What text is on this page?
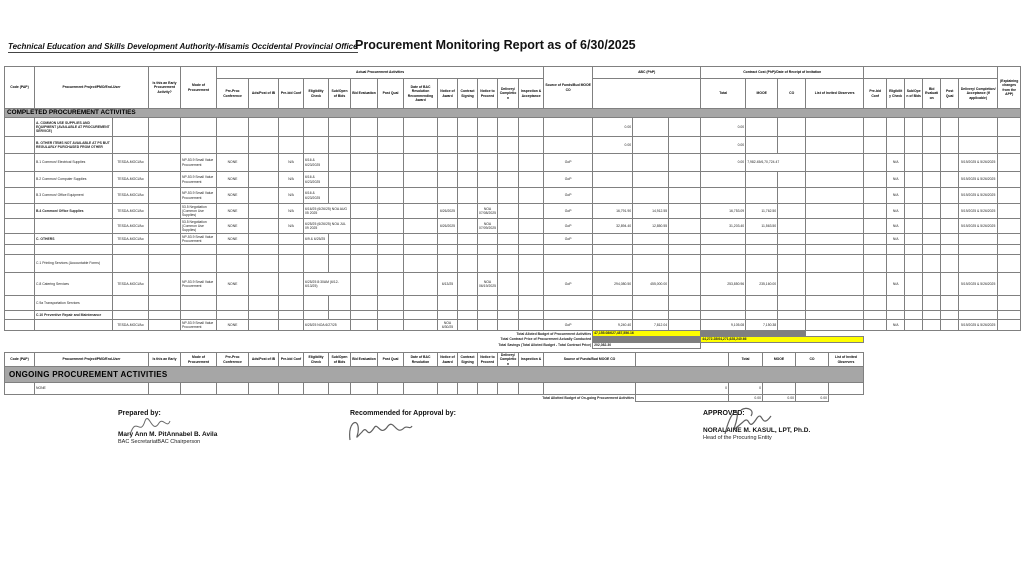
Technical Education and Skills Development Authority-Misamis Occidental Provincial Office
Procurement Monitoring Report as of 6/30/2025
Code (PAP)	Procurement Project/PMO/End-User		Is this an Early Procurement Activity?	Mode of Procurement	Actual Procurement Activities													Source of Funds/Bud MOOE CO	ABC (PhP)			Contract Cost (PhP)/Date of Receipt of Invitation										(Explaining changes from the APP)
					Pre-Proc Conference	Ads/Post of IB	Pre-bid Conf	Eligibility Check	Sub/Open of Bids	Bid Evaluation	Post Qual	Date of BAC Resolution Recommending Award	Notice of Award	Contract Signing	Notice to Proceed	Delivery/ Completion	Inspection & Acceptance					Total	MOOE	CO	List of Invited Observers	Pre-bid Conf	Eligibility Check	Sub/Open of Bids	Bid Evaluation	Post Qual	Delivery/ Completion/ Acceptance (If applicable)	
COMPLETED PROCUREMENT ACTIVITIES																																
	A. COMMON USE SUPPLIES AND EQUIPMENT (AVAILABLE AT PROCUREMENT SERVICE)																		0.00			0.00										
	B. OTHER ITEMS NOT AVAILABLE AT PS BUT REGULARLY PURCHASED FROM OTHER																		0.00			0.00										
	B.1 Common/ Electrical Supplies	TESDA-MOCI/Ao		NP-53.9 Small Value Procurement	NONE		N/A	6/16 & 6/23/2025										GoP				0.00	7,982.45/6,70,724.47				N/A				5/19/2025 & 5/26/2025	
	B.2 Common/ Computer Supplies	TESDA-MOCI/Ao		NP-53.9 Small Value Procurement	NONE		N/A	6/16 & 6/23/2025										GoP									N/A				5/19/2025 & 5/26/2025	
	B.3 Common/ Office Equipment	TESDA-MOCI/Ao		NP-53.9 Small Value Procurement	NONE		N/A	6/16 & 6/23/2025										GoP									N/A				5/19/2025 & 5/26/2025	
	B.4 Common/ Office Supplies	TESDA-MOCI/Ao		53.5 Negotiation (Common Use Supplies)	NONE		N/A	6/16/25 (6/26/25) NOA AUG 05 2025					6/26/2025		NOA 07/08/2025			GoP	16,791.90	14,912.55		16,753.09	11,762.50				N/A				5/19/2025 & 5/26/2025	
		TESDA-MOCI/Ao		53.5 Negotiation (Common Use Supplies)	NONE		N/A	6/25/25 (6/26/25) NOA JUL 09 2025					6/26/2025		NOA 07/09/2025			GoP	32,894.40	12,850.55		31,203.40	11,563.50				N/A				5/19/2025 & 5/26/2025	
	C. OTHERS	TESDA-MOCI/Ao		NP-53.9 Small Value Procurement	NONE			6/9 & 6/25/25										GoP									N/A					

	C.1 Printing Services (Accountable Forms)																															
	C.8 Catering Services	TESDA-MOCI/Ao		NP-53.9 Small Value Procurement	NONE			6/25/25 8:30AM (6/12-6/13/25)					6/13/25		NOA 06/19/2025			GoP	294,080.50	455,000.00		253,850.96	235,160.00				N/A				5/19/2025 & 5/26/2025	
	C.9a Transportation Services																															
	C.10 Preventive Repair and Maintenance																															
		TESDA-MOCI/Ao		NP-53.9 Small Value Procurement	NONE			6/25/25 NOA 6/27/25					NOA 6/30/25					GoP	9,240.40	7,812.04		9,105.08	7,150.38				N/A				5/19/2025 & 5/26/2025	
Total Alloted Budget of Procurement Activities																			47,155.08/627,487,556.16													
Total Contract Price of Procurement Actually Conducted																						44,272.28/64,271,628,240.66										
Total Savings (Total Alloted Budget - Total Contract Price)																			202,082.30													
Code (PAP)	Procurement Project/PMO/End-User	Is this an Early	Mode of Procurement	Pre-Proc Conference	Ads/Post of IB	Pre-bid Conf	Eligibility Check	Sub/Open of Bids	Bid Evaluation	Post Qual	Date of BAC Resolution	Notice of Award	Contract Signing	Notice to Proceed	Delivery/ Completion	Inspection &	Source of Funds/Bud MOOE CO		Total	MOOE	CO	List of Invited Observers
ONGOING PROCUREMENT ACTIVITIES																						
	NONE																	0	0			
Total Allotted Budget of On-going Procurement Activities																			0.00	0.00	0.00	
Prepared by:
Mary Ann M. PitAnnabel B. Avila
BAC SecretariatBAC Chairperson
Recommended for Approval by:	APPROVED:
NORALAINE M. KASUL, LPT, Ph.D.
Head of the Procuring Entity
